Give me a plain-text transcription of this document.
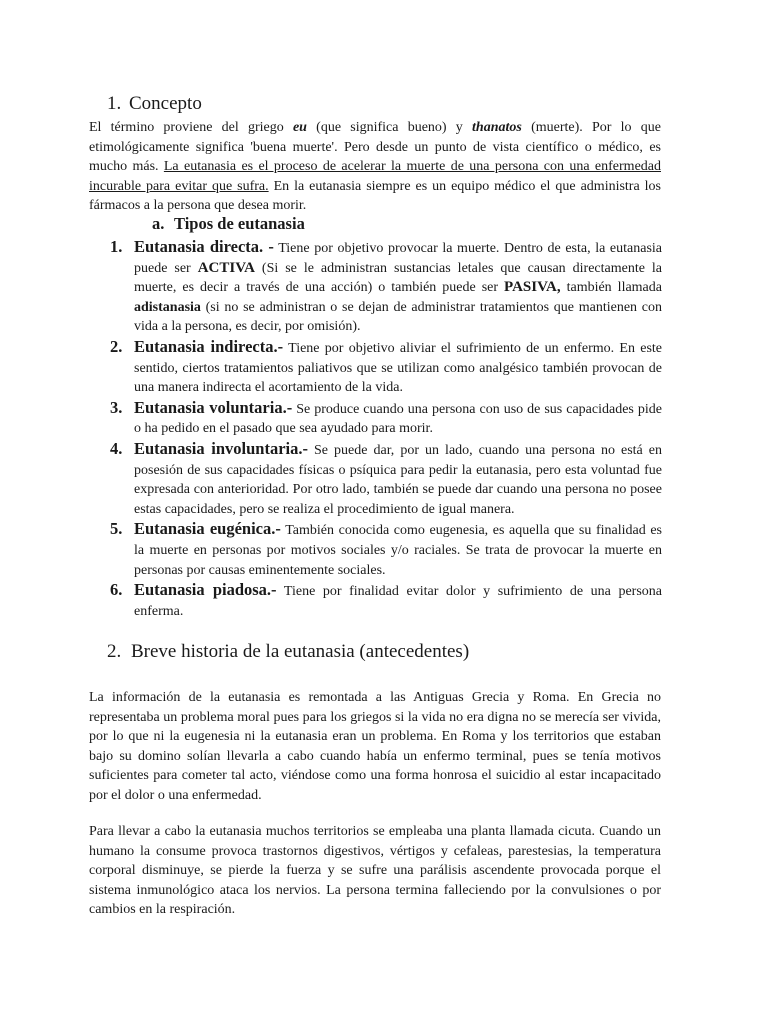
1. Concepto

El término proviene del griego eu (que significa bueno) y thanatos (muerte). Por lo que etimológicamente significa 'buena muerte'. Pero desde un punto de vista científico o médico, es mucho más. La eutanasia es el proceso de acelerar la muerte de una persona con una enfermedad incurable para evitar que sufra. En la eutanasia siempre es un equipo médico el que administra los fármacos a la persona que desea morir.

a. Tipos de eutanasia
1. Eutanasia directa. - Tiene por objetivo provocar la muerte. Dentro de esta, la eutanasia puede ser ACTIVA (Si se le administran sustancias letales que causan directamente la muerte, es decir a través de una acción) o también puede ser PASIVA, también llamada adistanasia (si no se administran o se dejan de administrar tratamientos que mantienen con vida a la persona, es decir, por omisión).
2. Eutanasia indirecta.- Tiene por objetivo aliviar el sufrimiento de un enfermo. En este sentido, ciertos tratamientos paliativos que se utilizan como analgésico también provocan de una manera indirecta el acortamiento de la vida.
3. Eutanasia voluntaria.- Se produce cuando una persona con uso de sus capacidades pide o ha pedido en el pasado que sea ayudado para morir.
4. Eutanasia involuntaria.- Se puede dar, por un lado, cuando una persona no está en posesión de sus capacidades físicas o psíquica para pedir la eutanasia, pero esta voluntad fue expresada con anterioridad. Por otro lado, también se puede dar cuando una persona no posee estas capacidades, pero se realiza el procedimiento de igual manera.
5. Eutanasia eugénica.- También conocida como eugenesia, es aquella que su finalidad es la muerte en personas por motivos sociales y/o raciales. Se trata de provocar la muerte en personas por causas eminentemente sociales.
6. Eutanasia piadosa.- Tiene por finalidad evitar dolor y sufrimiento de una persona enferma.
2. Breve historia de la eutanasia (antecedentes)

La información de la eutanasia es remontada a las Antiguas Grecia y Roma. En Grecia no representaba un problema moral pues para los griegos si la vida no era digna no se merecía ser vivida, por lo que ni la eugenesia ni la eutanasia eran un problema. En Roma y los territorios que estaban bajo su domino solían llevarla a cabo cuando había un enfermo terminal, pues se tenía motivos suficientes para cometer tal acto, viéndose como una forma honrosa el suicidio al estar incapacitado por el dolor o una enfermedad.

Para llevar a cabo la eutanasia muchos territorios se empleaba una planta llamada cicuta. Cuando un humano la consume provoca trastornos digestivos, vértigos y cefaleas, parestesias, la temperatura corporal disminuye, se pierde la fuerza y se sufre una parálisis ascendente provocada porque el sistema inmunológico ataca los nervios. La persona termina falleciendo por la convulsiones o por cambios en la respiración.
